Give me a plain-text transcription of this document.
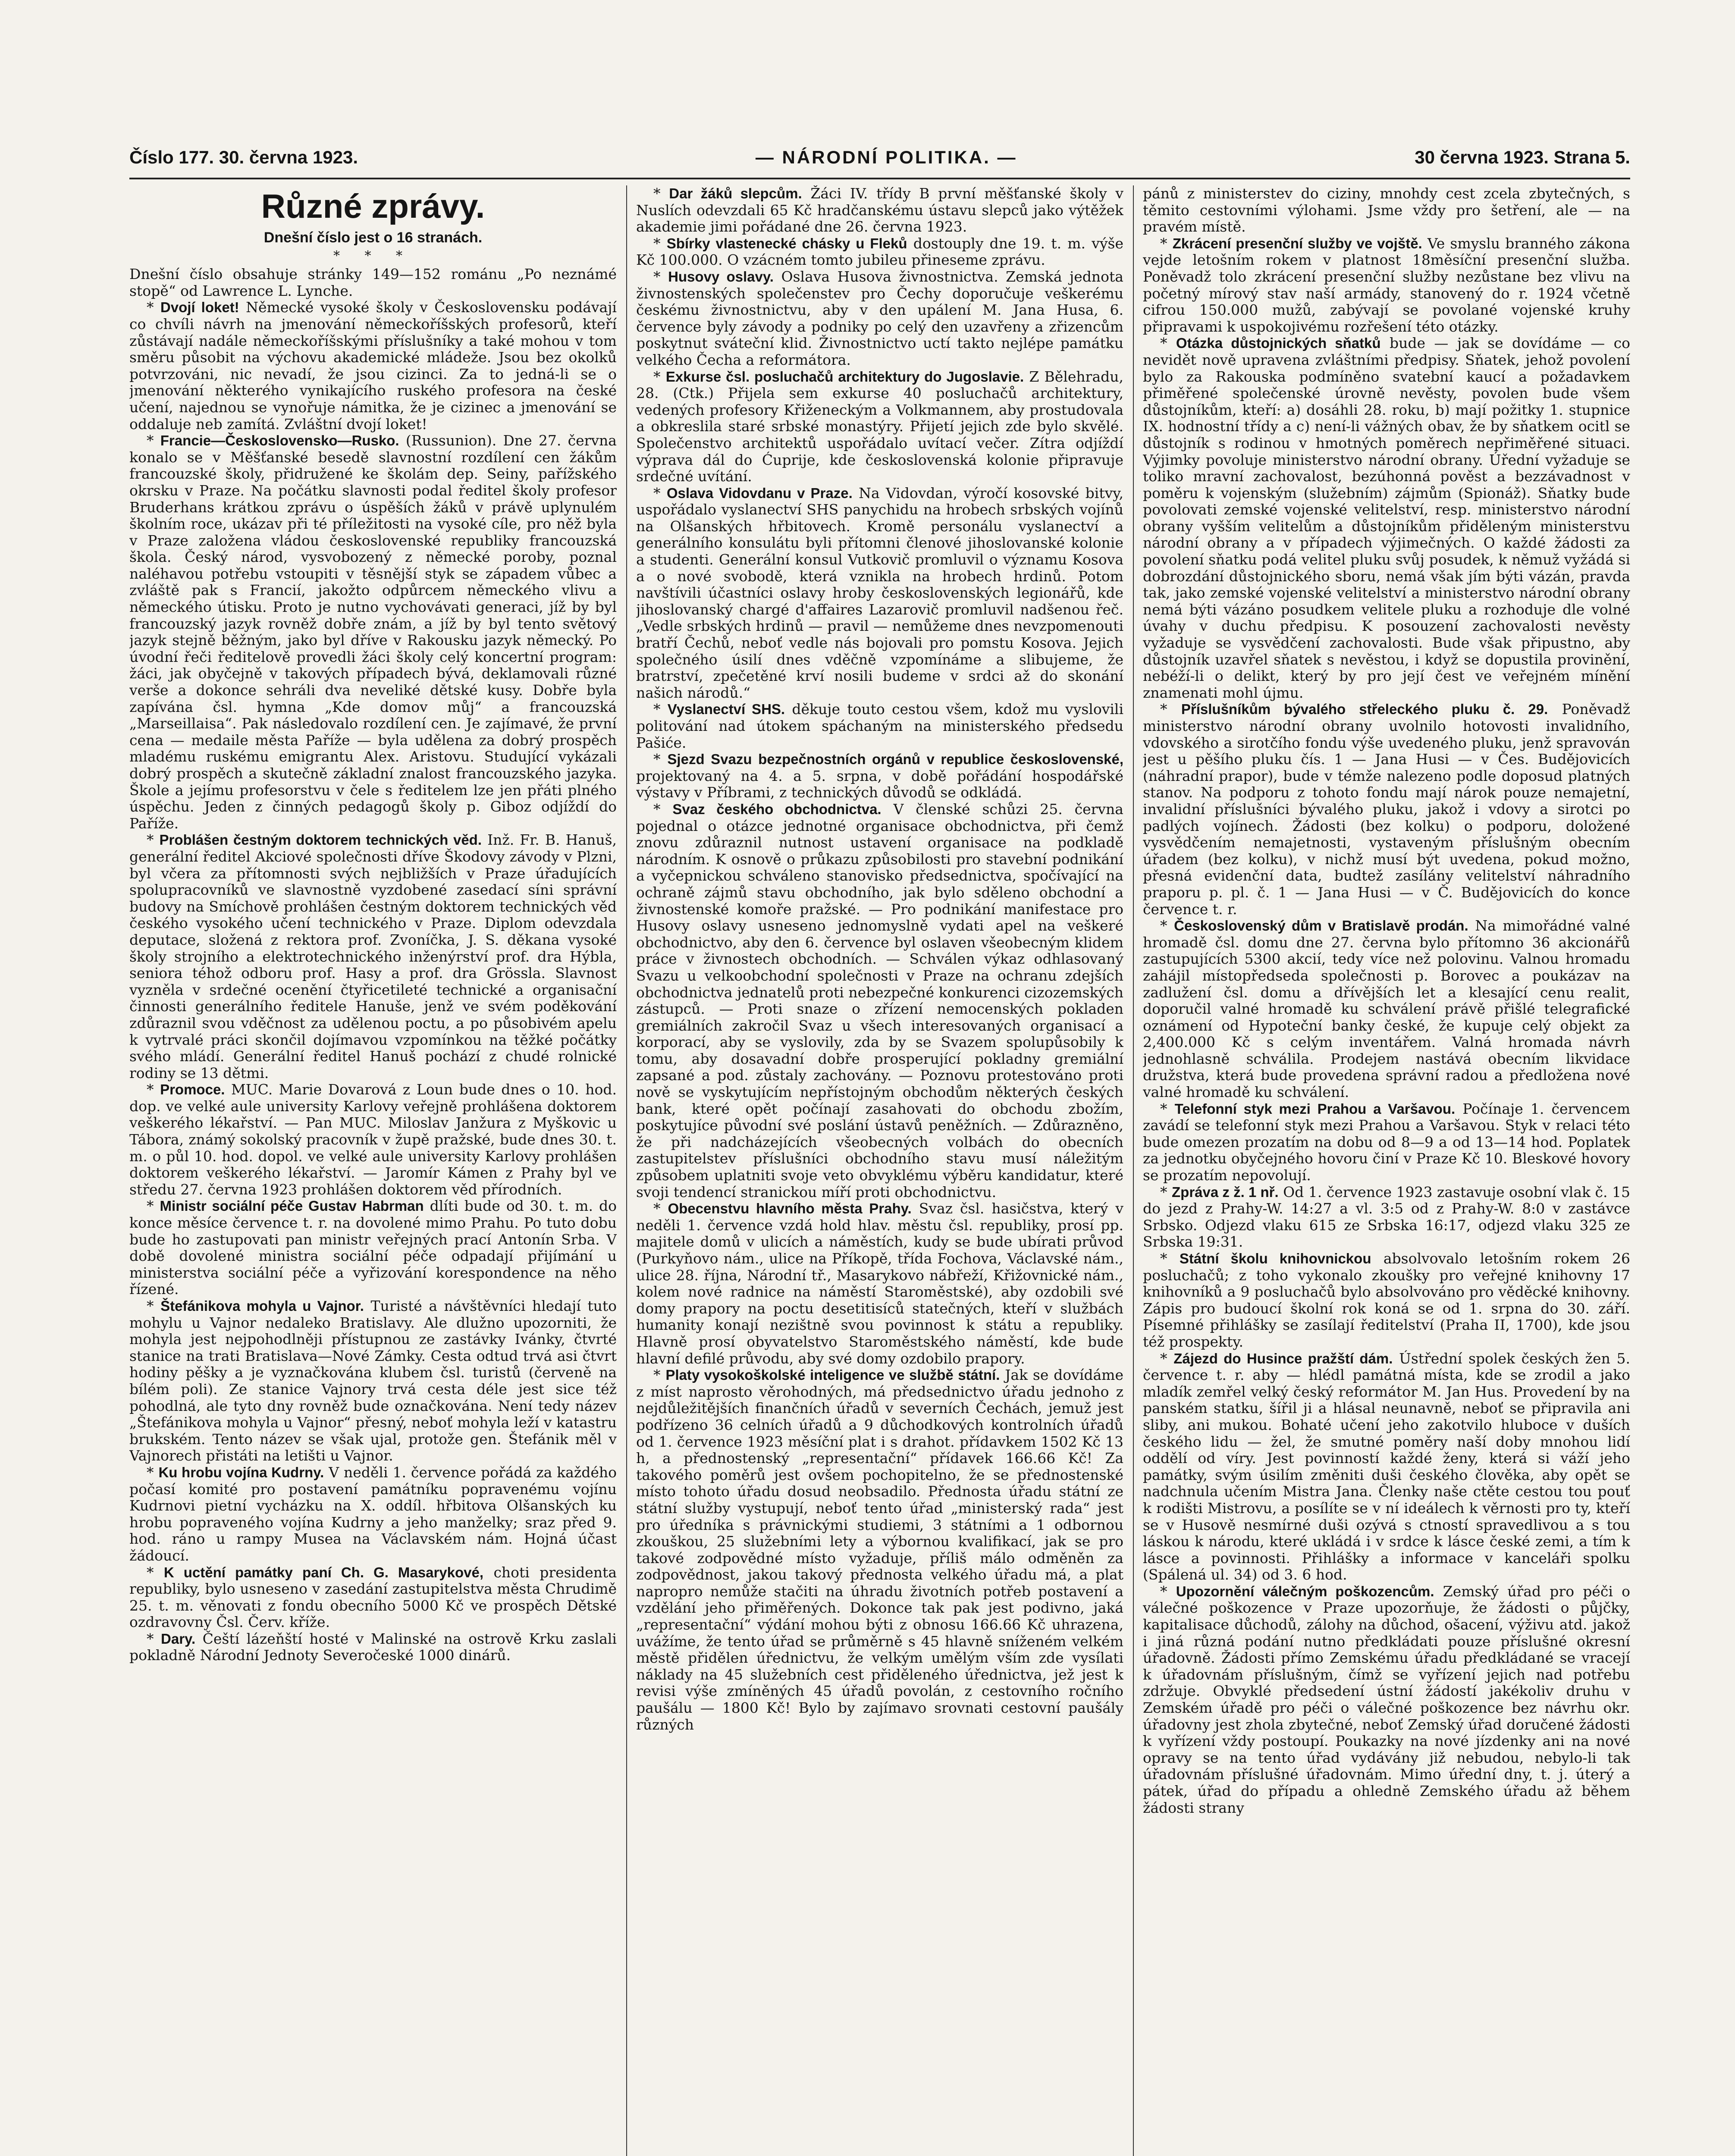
Číslo 177. 30. června 1923.	— NÁRODNÍ POLITIKA. —	30 června 1923. Strana 5.
Různé zprávy.
Dnešní číslo jest o 16 stranách.
* * *

Dnešní číslo obsahuje stránky 149—152 románu „Po neznámé stopě“ od Lawrence L. Lynche.

* Dvojí loket! Německé vysoké školy v Československu podávají co chvíli návrh na jmenování německoříšských profesorů, kteří zůstávají nadále německoříšskými příslušníky a také mohou v tom směru působit na výchovu akademické mládeže. Jsou bez okolků potvrzováni, nic nevadí, že jsou cizinci. Za to jedná-li se o jmenování některého vynikajícího ruského profesora na české učení, najednou se vynořuje námitka, že je cizinec a jmenování se oddaluje neb zamítá. Zvláštní dvojí loket!

* Francie—Československo—Rusko. (Russunion). Dne 27. června konalo se v Měšťanské besedě slavnostní rozdílení cen žákům francouzské školy, přidružené ke školám dep. Seiny, pařížského okrsku v Praze. Na počátku slavnosti podal ředitel školy profesor Bruderhans krátkou zprávu o úspěších žáků v právě uplynulém školním roce, ukázav při té příležitosti na vysoké cíle, pro něž byla v Praze založena vládou československé republiky francouzská škola. Český národ, vysvobozený z německé poroby, poznal naléhavou potřebu vstoupiti v těsnější styk se západem vůbec a zvláště pak s Francií, jakožto odpůrcem německého vlivu a německého útisku. Proto je nutno vychovávati generaci, jíž by byl francouzský jazyk rovněž dobře znám, a jíž by byl tento světový jazyk stejně běžným, jako byl dříve v Rakousku jazyk německý. Po úvodní řeči ředitelově provedli žáci školy celý koncertní program: žáci, jak obyčejně v takových případech bývá, deklamovali různé verše a dokonce sehráli dva neveliké dětské kusy. Dobře byla zapívána čsl. hymna „Kde domov můj“ a francouzská „Marseillaisa“. Pak následovalo rozdílení cen. Je zajímavé, že první cena — medaile města Paříže — byla udělena za dobrý prospěch mladému ruskému emigrantu Alex. Aristovu. Studující vykázali dobrý prospěch a skutečně základní znalost francouzského jazyka. Škole a jejímu profesorstvu v čele s ředitelem lze jen přáti plného úspěchu. Jeden z činných pedagogů školy p. Giboz odjíždí do Paříže.

* Problášen čestným doktorem technických věd. Inž. Fr. B. Hanuš, generální ředitel Akciové společnosti dříve Škodovy závody v Plzni, byl včera za přítomnosti svých nejbližších v Praze úřadujících spolupracovníků ve slavnostně vyzdobené zasedací síni správní budovy na Smíchově prohlášen čestným doktorem technických věd českého vysokého učení technického v Praze. Diplom odevzdala deputace, složená z rektora prof. Zvoníčka, J. S. děkana vysoké školy strojního a elektrotechnického inženýrství prof. dra Hýbla, seniora téhož odboru prof. Hasy a prof. dra Grössla. Slavnost vyzněla v srdečné ocenění čtyřicetileté technické a organisační činnosti generálního ředitele Hanuše, jenž ve svém poděkování zdůraznil svou vděčnost za udělenou poctu, a po působivém apelu k vytrvalé práci skončil dojímavou vzpomínkou na těžké počátky svého mládí. Generální ředitel Hanuš pochází z chudé rolnické rodiny se 13 dětmi.

* Promoce. MUC. Marie Dovarová z Loun bude dnes o 10. hod. dop. ve velké aule university Karlovy veřejně prohlášena doktorem veškerého lékařství. — Pan MUC. Miloslav Janžura z Myškovic u Tábora, známý sokolský pracovník v župě pražské, bude dnes 30. t. m. o půl 10. hod. dopol. ve velké aule university Karlovy prohlášen doktorem veškerého lékařství. — Jaromír Kámen z Prahy byl ve středu 27. června 1923 prohlášen doktorem věd přírodních.

* Ministr sociální péče Gustav Habrman dlíti bude od 30. t. m. do konce měsíce července t. r. na dovolené mimo Prahu. Po tuto dobu bude ho zastupovati pan ministr veřejných prací Antonín Srba. V době dovolené ministra sociální péče odpadají přijímání u ministerstva sociální péče a vyřizování korespondence na něho řízené.

* Štefánikova mohyla u Vajnor. Turisté a návštěvníci hledají tuto mohylu u Vajnor nedaleko Bratislavy. Ale dlužno upozorniti, že mohyla jest nejpohodlněji přístupnou ze zastávky Ivánky, čtvrté stanice na trati Bratislava—Nové Zámky. Cesta odtud trvá asi čtvrt hodiny pěšky a je vyznačkována klubem čsl. turistů (červeně na bílém poli). Ze stanice Vajnory trvá cesta déle jest sice též pohodlná, ale tyto dny rovněž bude označkována. Není tedy název „Štefánikova mohyla u Vajnor“ přesný, neboť mohyla leží v katastru brukském. Tento název se však ujal, protože gen. Štefánik měl v Vajnorech přistáti na letišti u Vajnor.

* Ku hrobu vojína Kudrny. V neděli 1. července pořádá za každého počasí komité pro postavení památníku popravenému vojínu Kudrnovi pietní vycházku na X. oddíl. hřbitova Olšanských ku hrobu popraveného vojína Kudrny a jeho manželky; sraz před 9. hod. ráno u rampy Musea na Václavském nám. Hojná účast žádoucí.

* K uctění památky paní Ch. G. Masarykové, choti presidenta republiky, bylo usneseno v zasedání zastupitelstva města Chrudimě 25. t. m. věnovati z fondu obecního 5000 Kč ve prospěch Dětské ozdravovny Čsl. Červ. kříže.

* Dary. Čeští lázeňští hosté v Malinské na ostrově Krku zaslali pokladně Národní Jednoty Severočeské 1000 dinárů.

* Dar žáků slepcům. Žáci IV. třídy B první měšťanské školy v Nuslích odevzdali 65 Kč hradčanskému ústavu slepců jako výtěžek akademie jimi pořádané dne 26. června 1923.

* Sbírky vlastenecké chásky u Fleků dostouply dne 19. t. m. výše Kč 100.000. O vzácném tomto jubileu přineseme zprávu.

* Husovy oslavy. Oslava Husova živnostnictva. Zemská jednota živnostenských společenstev pro Čechy doporučuje veškerému českému živnostnictvu, aby v den upálení M. Jana Husa, 6. července byly závody a podniky po celý den uzavřeny a zřizencům poskytnut sváteční klid. Živnostnictvo uctí takto nejlépe památku velkého Čecha a reformátora.

* Exkurse čsl. posluchačů architektury do Jugoslavie. Z Bělehradu, 28. (Ctk.) Přijela sem exkurse 40 posluchačů architektury, vedených profesory Křiženeckým a Volkmannem, aby prostudovala a obkreslila staré srbské monastýry. Přijetí jejich zde bylo skvělé. Společenstvo architektů uspořádalo uvítací večer. Zítra odjíždí výprava dál do Ćuprije, kde československá kolonie připravuje srdečné uvítání.

* Oslava Vidovdanu v Praze. Na Vidovdan, výročí kosovské bitvy, uspořádalo vyslanectví SHS panychidu na hrobech srbských vojínů na Olšanských hřbitovech. Kromě personálu vyslanectví a generálního konsulátu byli přítomni členové jihoslovanské kolonie a studenti. Generální konsul Vutkovič promluvil o významu Kosova a o nové svobodě, která vznikla na hrobech hrdinů. Potom navštívili účastníci oslavy hroby československých legionářů, kde jihoslovanský chargé d'affaires Lazarovič promluvil nadšenou řeč. „Vedle srbských hrdinů — pravil — nemůžeme dnes nevzpomenouti bratří Čechů, neboť vedle nás bojovali pro pomstu Kosova. Jejich společného úsilí dnes vděčně vzpomínáme a slibujeme, že bratrství, zpečetěné krví nosili budeme v srdci až do skonání našich národů.“

* Vyslanectví SHS. děkuje touto cestou všem, kdož mu vyslovili politování nad útokem spáchaným na ministerského předsedu Pašiće.

* Sjezd Svazu bezpečnostních orgánů v republice československé, projektovaný na 4. a 5. srpna, v době pořádání hospodářské výstavy v Příbrami, z technických důvodů se odkládá.

* Svaz českého obchodnictva. V členské schůzi 25. června pojednal o otázce jednotné organisace obchodnictva, při čemž znovu zdůraznil nutnost ustavení organisace na podkladě národním. K osnově o průkazu způsobilosti pro stavební podnikání a vyčepnickou schváleno stanovisko předsednictva, spočívající na ochraně zájmů stavu obchodního, jak bylo sděleno obchodní a živnostenské komoře pražské. — Pro podnikání manifestace pro Husovy oslavy usneseno jednomyslně vydati apel na veškeré obchodnictvo, aby den 6. července byl oslaven všeobecným klidem práce v živnostech obchodních. — Schválen výkaz odhlasovaný Svazu u velkoobchodní společnosti v Praze na ochranu zdejších obchodnictva jednatelů proti nebezpečné konkurenci cizozemských zástupců. — Proti snaze o zřízení nemocenských pokladen gremiálních zakročil Svaz u všech interesovaných organisací a korporací, aby se vyslovily, zda by se Svazem spolupůsobily k tomu, aby dosavadní dobře prosperující pokladny gremiální zapsané a pod. zůstaly zachovány. — Poznovu protestováno proti nově se vyskytujícím nepřístojným obchodům některých českých bank, které opět počínají zasahovati do obchodu zbožím, poskytujíce původní své poslání ústavů peněžních. — Zdůrazněno, že při nadcházejících všeobecných volbách do obecních zastupitelstev příslušníci obchodního stavu musí náležitým způsobem uplatniti svoje veto obvyklému výběru kandidatur, které svoji tendencí stranickou míří proti obchodnictvu.

* Obecenstvu hlavního města Prahy. Svaz čsl. hasičstva, který v neděli 1. července vzdá hold hlav. městu čsl. republiky, prosí pp. majitele domů v ulicích a náměstích, kudy se bude ubírati průvod (Purkyňovo nám., ulice na Příkopě, třída Fochova, Václavské nám., ulice 28. října, Národní tř., Masarykovo nábřeží, Křižovnické nám., kolem nové radnice na náměstí Staroměstské), aby ozdobili své domy prapory na poctu desetitisíců statečných, kteří v službách humanity konají nezištně svou povinnost k státu a republiky. Hlavně prosí obyvatelstvo Staroměstského náměstí, kde bude hlavní defilé průvodu, aby své domy ozdobilo prapory.

* Platy vysokoškolské inteligence ve službě státní. Jak se dovídáme z míst naprosto věrohodných, má předsednictvo úřadu jednoho z nejdůležitějších finančních úřadů v severních Čechách, jemuž jest podřízeno 36 celních úřadů a 9 důchodkových kontrolních úřadů od 1. července 1923 měsíční plat i s drahot. přídavkem 1502 Kč 13 h, a přednostenský „representační“ přídavek 166.66 Kč! Za takového poměrů jest ovšem pochopitelno, že se přednostenské místo tohoto úřadu dosud neobsadilo. Přednosta úřadu státní ze státní služby vystupují, neboť tento úřad „ministerský rada“ jest pro úředníka s právnickými studiemi, 3 státními a 1 odbornou zkouškou, 25 služebními lety a výbornou kvalifikací, jak se pro takové zodpovědné místo vyžaduje, příliš málo odměněn za zodpovědnost, jakou takový přednosta velkého úřadu má, a plat napropro nemůže stačiti na úhradu životních potřeb postavení a vzdělání jeho přiměřených. Dokonce tak pak jest podivno, jaká „representační“ výdání mohou býti z obnosu 166.66 Kč uhrazena, uvážíme, že tento úřad se průměrně s 45 hlavně sníženém velkém městě přidělen úřednictvu, že velkým umělým vším zde vysílati náklady na 45 služebních cest přiděleného úřednictva, jež jest k revisi výše zmíněných 45 úřadů povolán, z cestovního ročního paušálu — 1800 Kč! Bylo by zajímavo srovnati cestovní paušály různých

pánů z ministerstev do ciziny, mnohdy cest zcela zbytečných, s těmito cestovními výlohami. Jsme vždy pro šetření, ale — na pravém místě.

* Zkrácení presenční služby ve vojště. Ve smyslu branného zákona vejde letošním rokem v platnost 18měsíční presenční služba. Poněvadž tolo zkrácení presenční služby nezůstane bez vlivu na početný mírový stav naší armády, stanovený do r. 1924 včetně cifrou 150.000 mužů, zabývají se povolané vojenské kruhy připravami k uspokojivému rozřešení této otázky.

* Otázka důstojnických sňatků bude — jak se dovídáme — co nevidět nově upravena zvláštními předpisy. Sňatek, jehož povolení bylo za Rakouska podmíněno svatební kaucí a požadavkem přiměřené společenské úrovně nevěsty, povolen bude všem důstojníkům, kteří: a) dosáhli 28. roku, b) mají požitky 1. stupnice IX. hodnostní třídy a c) není-li vážných obav, že by sňatkem ocitl se důstojník s rodinou v hmotných poměrech nepřiměřené situaci. Výjimky povoluje ministerstvo národní obrany. Úřední vyžaduje se toliko mravní zachovalost, bezúhonná pověst a bezzávadnost v poměru k vojenským (služebním) zájmům (Spionáž). Sňatky bude povolovati zemské vojenské velitelství, resp. ministerstvo národní obrany vyšším velitelům a důstojníkům přiděleným ministerstvu národní obrany a v případech výjimečných. O každé žádosti za povolení sňatku podá velitel pluku svůj posudek, k němuž vyžádá si dobrozdání důstojnického sboru, nemá však jím býti vázán, pravda tak, jako zemské vojenské velitelství a ministerstvo národní obrany nemá býti vázáno posudkem velitele pluku a rozhoduje dle volné úvahy v duchu předpisu. K posouzení zachovalosti nevěsty vyžaduje se vysvědčení zachovalosti. Bude však připustno, aby důstojník uzavřel sňatek s nevěstou, i když se dopustila provinění, nebéží-li o delikt, který by pro její čest ve veřejném mínění znamenati mohl újmu.

* Příslušníkům bývalého střeleckého pluku č. 29. Poněvadž ministerstvo národní obrany uvolnilo hotovosti invalidního, vdovského a sirotčího fondu výše uvedeného pluku, jenž spravován jest u pěšího pluku čís. 1 — Jana Husi — v Čes. Budějovicích (náhradní prapor), bude v témže nalezeno podle doposud platných stanov. Na podporu z tohoto fondu mají nárok pouze nemajetní, invalidní příslušníci bývalého pluku, jakož i vdovy a sirotci po padlých vojínech. Žádosti (bez kolku) o podporu, doložené vysvědčením nemajetnosti, vystaveným příslušným obecním úřadem (bez kolku), v nichž musí být uvedena, pokud možno, přesná evidenční data, budtež zasílány velitelství náhradního praporu p. pl. č. 1 — Jana Husi — v Č. Budějovicích do konce července t. r.

* Československý dům v Bratislavě prodán. Na mimořádné valné hromadě čsl. domu dne 27. června bylo přítomno 36 akcionářů zastupujících 5300 akcií, tedy více než polovinu. Valnou hromadu zahájil místopředseda společnosti p. Borovec a poukázav na zadlužení čsl. domu a dřívějších let a klesající cenu realit, doporučil valné hromadě ku schválení právě přišlé telegrafické oznámení od Hypoteční banky české, že kupuje celý objekt za 2,400.000 Kč s celým inventářem. Valná hromada návrh jednohlasně schválila. Prodejem nastává obecním likvidace družstva, která bude provedena správní radou a předložena nové valné hromadě ku schválení.

* Telefonní styk mezi Prahou a Varšavou. Počínaje 1. červencem zavádí se telefonní styk mezi Prahou a Varšavou. Styk v relaci této bude omezen prozatím na dobu od 8—9 a od 13—14 hod. Poplatek za jednotku obyčejného hovoru činí v Praze Kč 10. Bleskové hovory se prozatím nepovolují.

* Zpráva z ž. 1 nř. Od 1. července 1923 zastavuje osobní vlak č. 15 do jezd z Prahy-W. 14:27 a vl. 3:5 od z Prahy-W. 8:0 v zastávce Srbsko. Odjezd vlaku 615 ze Srbska 16:17, odjezd vlaku 325 ze Srbska 19:31.

* Státní školu knihovnickou absolvovalo letošním rokem 26 posluchačů; z toho vykonalo zkoušky pro veřejné knihovny 17 knihovníků a 9 posluchačů bylo absolvováno pro věděcké knihovny. Zápis pro budoucí školní rok koná se od 1. srpna do 30. září. Písemné přihlášky se zasílají ředitelství (Praha II, 1700), kde jsou též prospekty.

* Zájezd do Husince pražští dám. Ústřední spolek českých žen 5. července t. r. aby — hlédl památná místa, kde se zrodil a jako mladík zemřel velký český reformátor M. Jan Hus. Provedení by na panském statku, šířil ji a hlásal neunavně, neboť se připravila ani sliby, ani mukou. Bohaté učení jeho zakotvilo hluboce v duších českého lidu — žel, že smutné poměry naší doby mnohou lidí oddělí od víry. Jest povinností každé ženy, která si váží jeho památky, svým úsilím změniti duši českého člověka, aby opět se nadchnula učením Mistra Jana. Členky naše ctěte cestou tou pouť k rodišti Mistrovu, a posílíte se v ní ideálech k věrnosti pro ty, kteří se v Husově nesmírné duši ozývá s ctností spravedlivou a s tou láskou k národu, které ukládá i v srdce k lásce české zemi, a tím k lásce a povinnosti. Přihlášky a informace v kanceláři spolku (Spálená ul. 34) od 3. 6 hod.

* Upozornění válečným poškozencům. Zemský úřad pro péči o válečné poškozence v Praze upozorňuje, že žádosti o půjčky, kapitalisace důchodů, zálohy na důchod, ošacení, výživu atd. jakož i jiná různá podání nutno předkládati pouze příslušné okresní úřadovně. Žádosti přímo Zemskému úřadu předkládané se vracejí k úřadovnám příslušným, čímž se vyřízení jejich nad potřebu zdržuje. Obvyklé předsedení ústní žádostí jakékoliv druhu v Zemském úřadě pro péči o válečné poškozence bez návrhu okr. úřadovny jest zhola zbytečné, neboť Zemský úřad doručené žádosti k vyřízení vždy postoupí. Poukazky na nové jízdenky ani na nové opravy se na tento úřad vydávány již nebudou, nebylo-li tak úřadovnám příslušné úřadovnám. Mimo úřední dny, t. j. úterý a pátek, úřad do případu a ohledně Zemského úřadu až během žádosti strany
